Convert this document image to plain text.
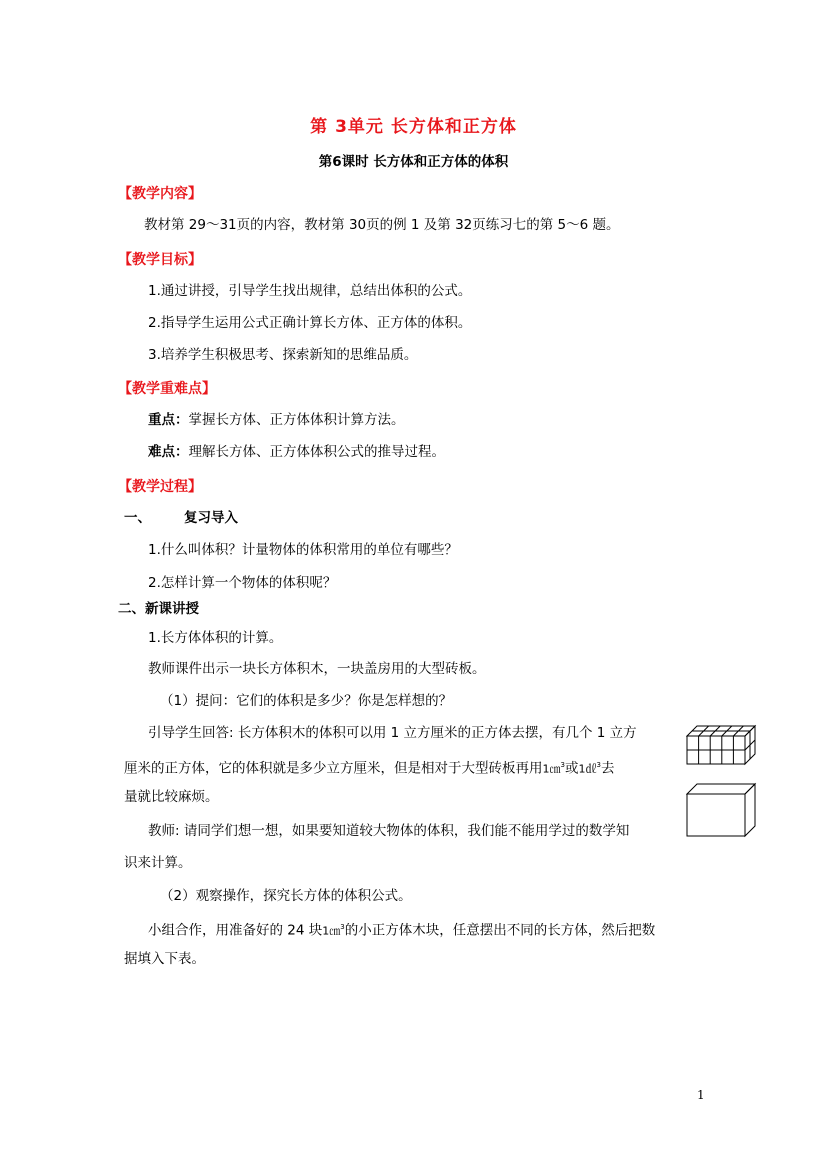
第 3单元 长方体和正方体
第6课时 长方体和正方体的体积
【教学内容】
教材第 29～31页的内容，教材第 30页的例 1 及第 32页练习七的第 5～6 题。
【教学目标】
1.通过讲授，引导学生找出规律，总结出体积的公式。
2.指导学生运用公式正确计算长方体、正方体的体积。
3.培养学生积极思考、探索新知的思维品质。
【教学重难点】
重点：掌握长方体、正方体体积计算方法。
难点：理解长方体、正方体体积公式的推导过程。
【教学过程】
一、 复习导入
1.什么叫体积？计量物体的体积常用的单位有哪些？
2.怎样计算一个物体的体积呢？
二、新课讲授
1.长方体体积的计算。
教师课件出示一块长方体积木，一块盖房用的大型砖板。
（1）提问：它们的体积是多少？你是怎样想的？
引导学生回答: 长方体积木的体积可以用 1 立方厘米的正方体去摆，有几个 1 立方
厘米的正方体，它的体积就是多少立方厘米，但是相对于大型砖板再用1㎝$^3$或1㎗$^3$去
量就比较麻烦。
教师: 请同学们想一想，如果要知道较大物体的体积，我们能不能用学过的数学知
识来计算。
（2）观察操作，探究长方体的体积公式。
小组合作，用准备好的 24 块1㎝$^3$的小正方体木块，任意摆出不同的长方体，然后把数
据填入下表。
1
